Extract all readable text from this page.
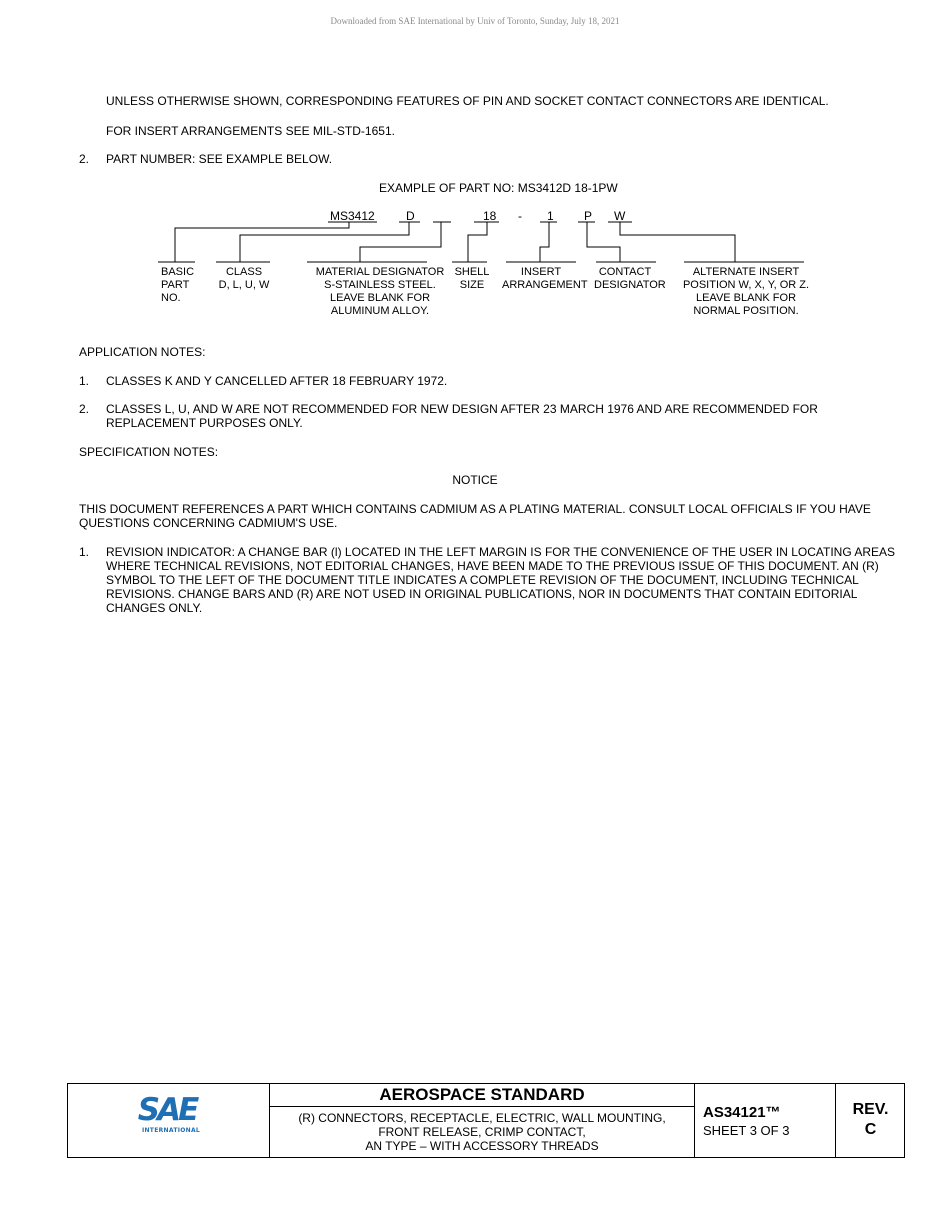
Downloaded from SAE International by Univ of Toronto, Sunday, July 18, 2021
UNLESS OTHERWISE SHOWN, CORRESPONDING FEATURES OF PIN AND SOCKET CONTACT CONNECTORS ARE IDENTICAL.
FOR INSERT ARRANGEMENTS SEE MIL-STD-1651.
2. PART NUMBER: SEE EXAMPLE BELOW.
EXAMPLE OF PART NO: MS3412D 18-1PW
MS3412	D	18 - 1	P W
BASIC
PART
NO.
CLASS
D, L, U, W
MATERIAL DESIGNATOR
S-STAINLESS STEEL.
LEAVE BLANK FOR
ALUMINUM ALLOY.
SHELL
SIZE
INSERT
ARRANGEMENT
CONTACT
DESIGNATOR
ALTERNATE INSERT
POSITION W, X, Y, OR Z.
LEAVE BLANK FOR
NORMAL POSITION.
APPLICATION NOTES:
1. CLASSES K AND Y CANCELLED AFTER 18 FEBRUARY 1972.
2. CLASSES L, U, AND W ARE NOT RECOMMENDED FOR NEW DESIGN AFTER 23 MARCH 1976 AND ARE RECOMMENDED FOR REPLACEMENT PURPOSES ONLY.
SPECIFICATION NOTES:
NOTICE
THIS DOCUMENT REFERENCES A PART WHICH CONTAINS CADMIUM AS A PLATING MATERIAL. CONSULT LOCAL OFFICIALS IF YOU HAVE QUESTIONS CONCERNING CADMIUM'S USE.
1. REVISION INDICATOR: A CHANGE BAR (l) LOCATED IN THE LEFT MARGIN IS FOR THE CONVENIENCE OF THE USER IN LOCATING AREAS WHERE TECHNICAL REVISIONS, NOT EDITORIAL CHANGES, HAVE BEEN MADE TO THE PREVIOUS ISSUE OF THIS DOCUMENT. AN (R) SYMBOL TO THE LEFT OF THE DOCUMENT TITLE INDICATES A COMPLETE REVISION OF THE DOCUMENT, INCLUDING TECHNICAL REVISIONS. CHANGE BARS AND (R) ARE NOT USED IN ORIGINAL PUBLICATIONS, NOR IN DOCUMENTS THAT CONTAIN EDITORIAL CHANGES ONLY.
SAE
INTERNATIONAL
AEROSPACE STANDARD
(R) CONNECTORS, RECEPTACLE, ELECTRIC, WALL MOUNTING,
FRONT RELEASE, CRIMP CONTACT,
AN TYPE – WITH ACCESSORY THREADS
AS34121™
SHEET 3 OF 3
REV.
C
